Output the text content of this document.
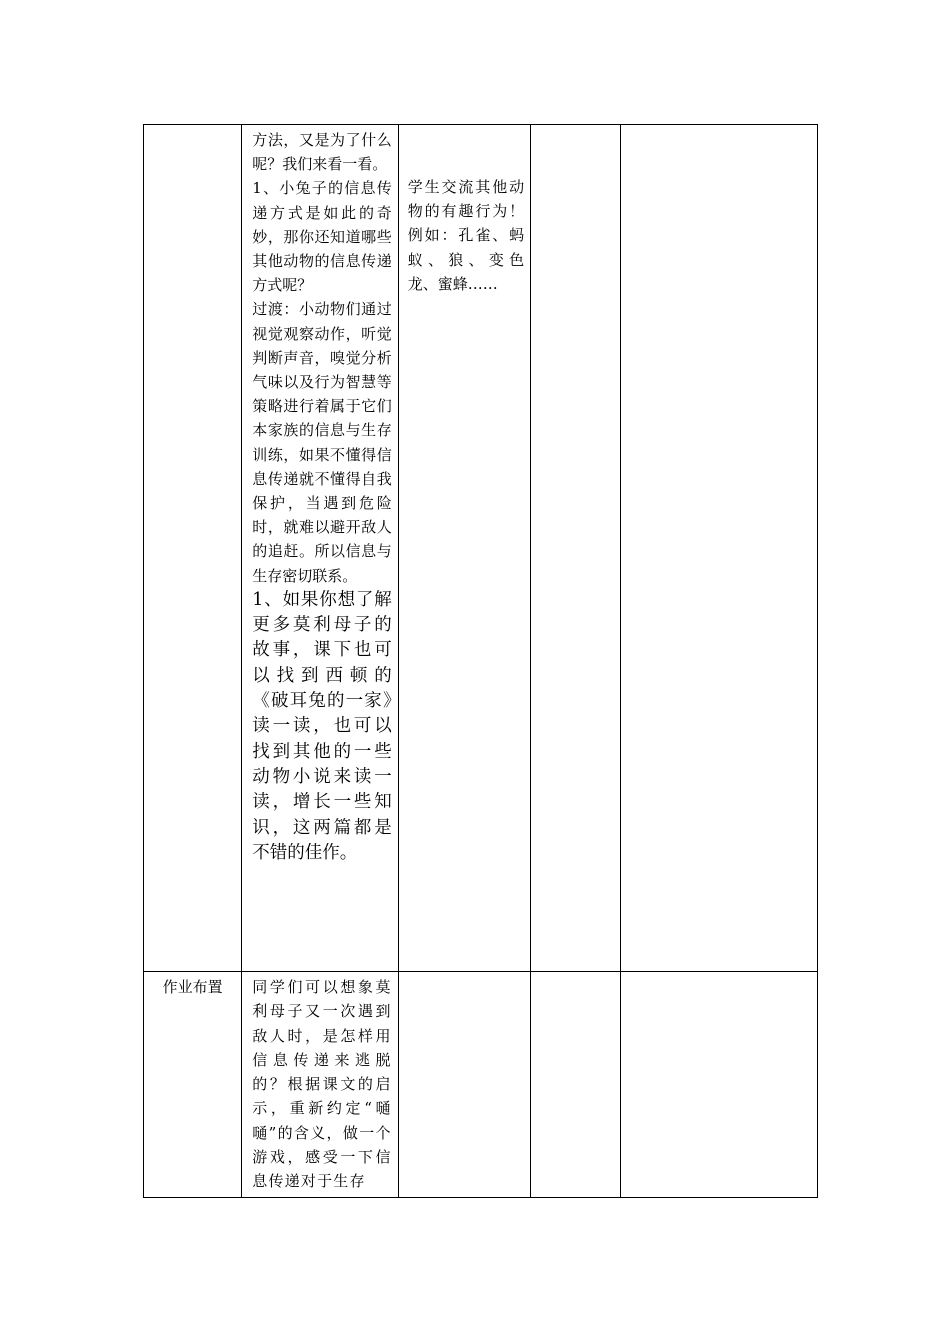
	方法，又是为了什么呢？我们来看一看。
1、小兔子的信息传递方式是如此的奇妙，那你还知道哪些其他动物的信息传递方式呢？
过渡：小动物们通过视觉观察动作，听觉判断声音，嗅觉分析气味以及行为智慧等策略进行着属于它们本家族的信息与生存训练，如果不懂得信息传递就不懂得自我保护，当遇到危险时，就难以避开敌人的追赶。所以信息与生存密切联系。
1、如果你想了解更多莫利母子的故事，课下也可以找到西顿的《破耳兔的一家》读一读，也可以找到其他的一些动物小说来读一读，增长一些知识，这两篇都是不错的佳作。	学生交流其他动物的有趣行为！例如：孔雀、蚂蚁、狼、变色龙、蜜蜂……		

作业布置	同学们可以想象莫利母子又一次遇到敌人时，是怎样用信息传递来逃脱的？根据课文的启示，重新约定“嗵嗵”的含义，做一个游戏，感受一下信息传递对于生存			
